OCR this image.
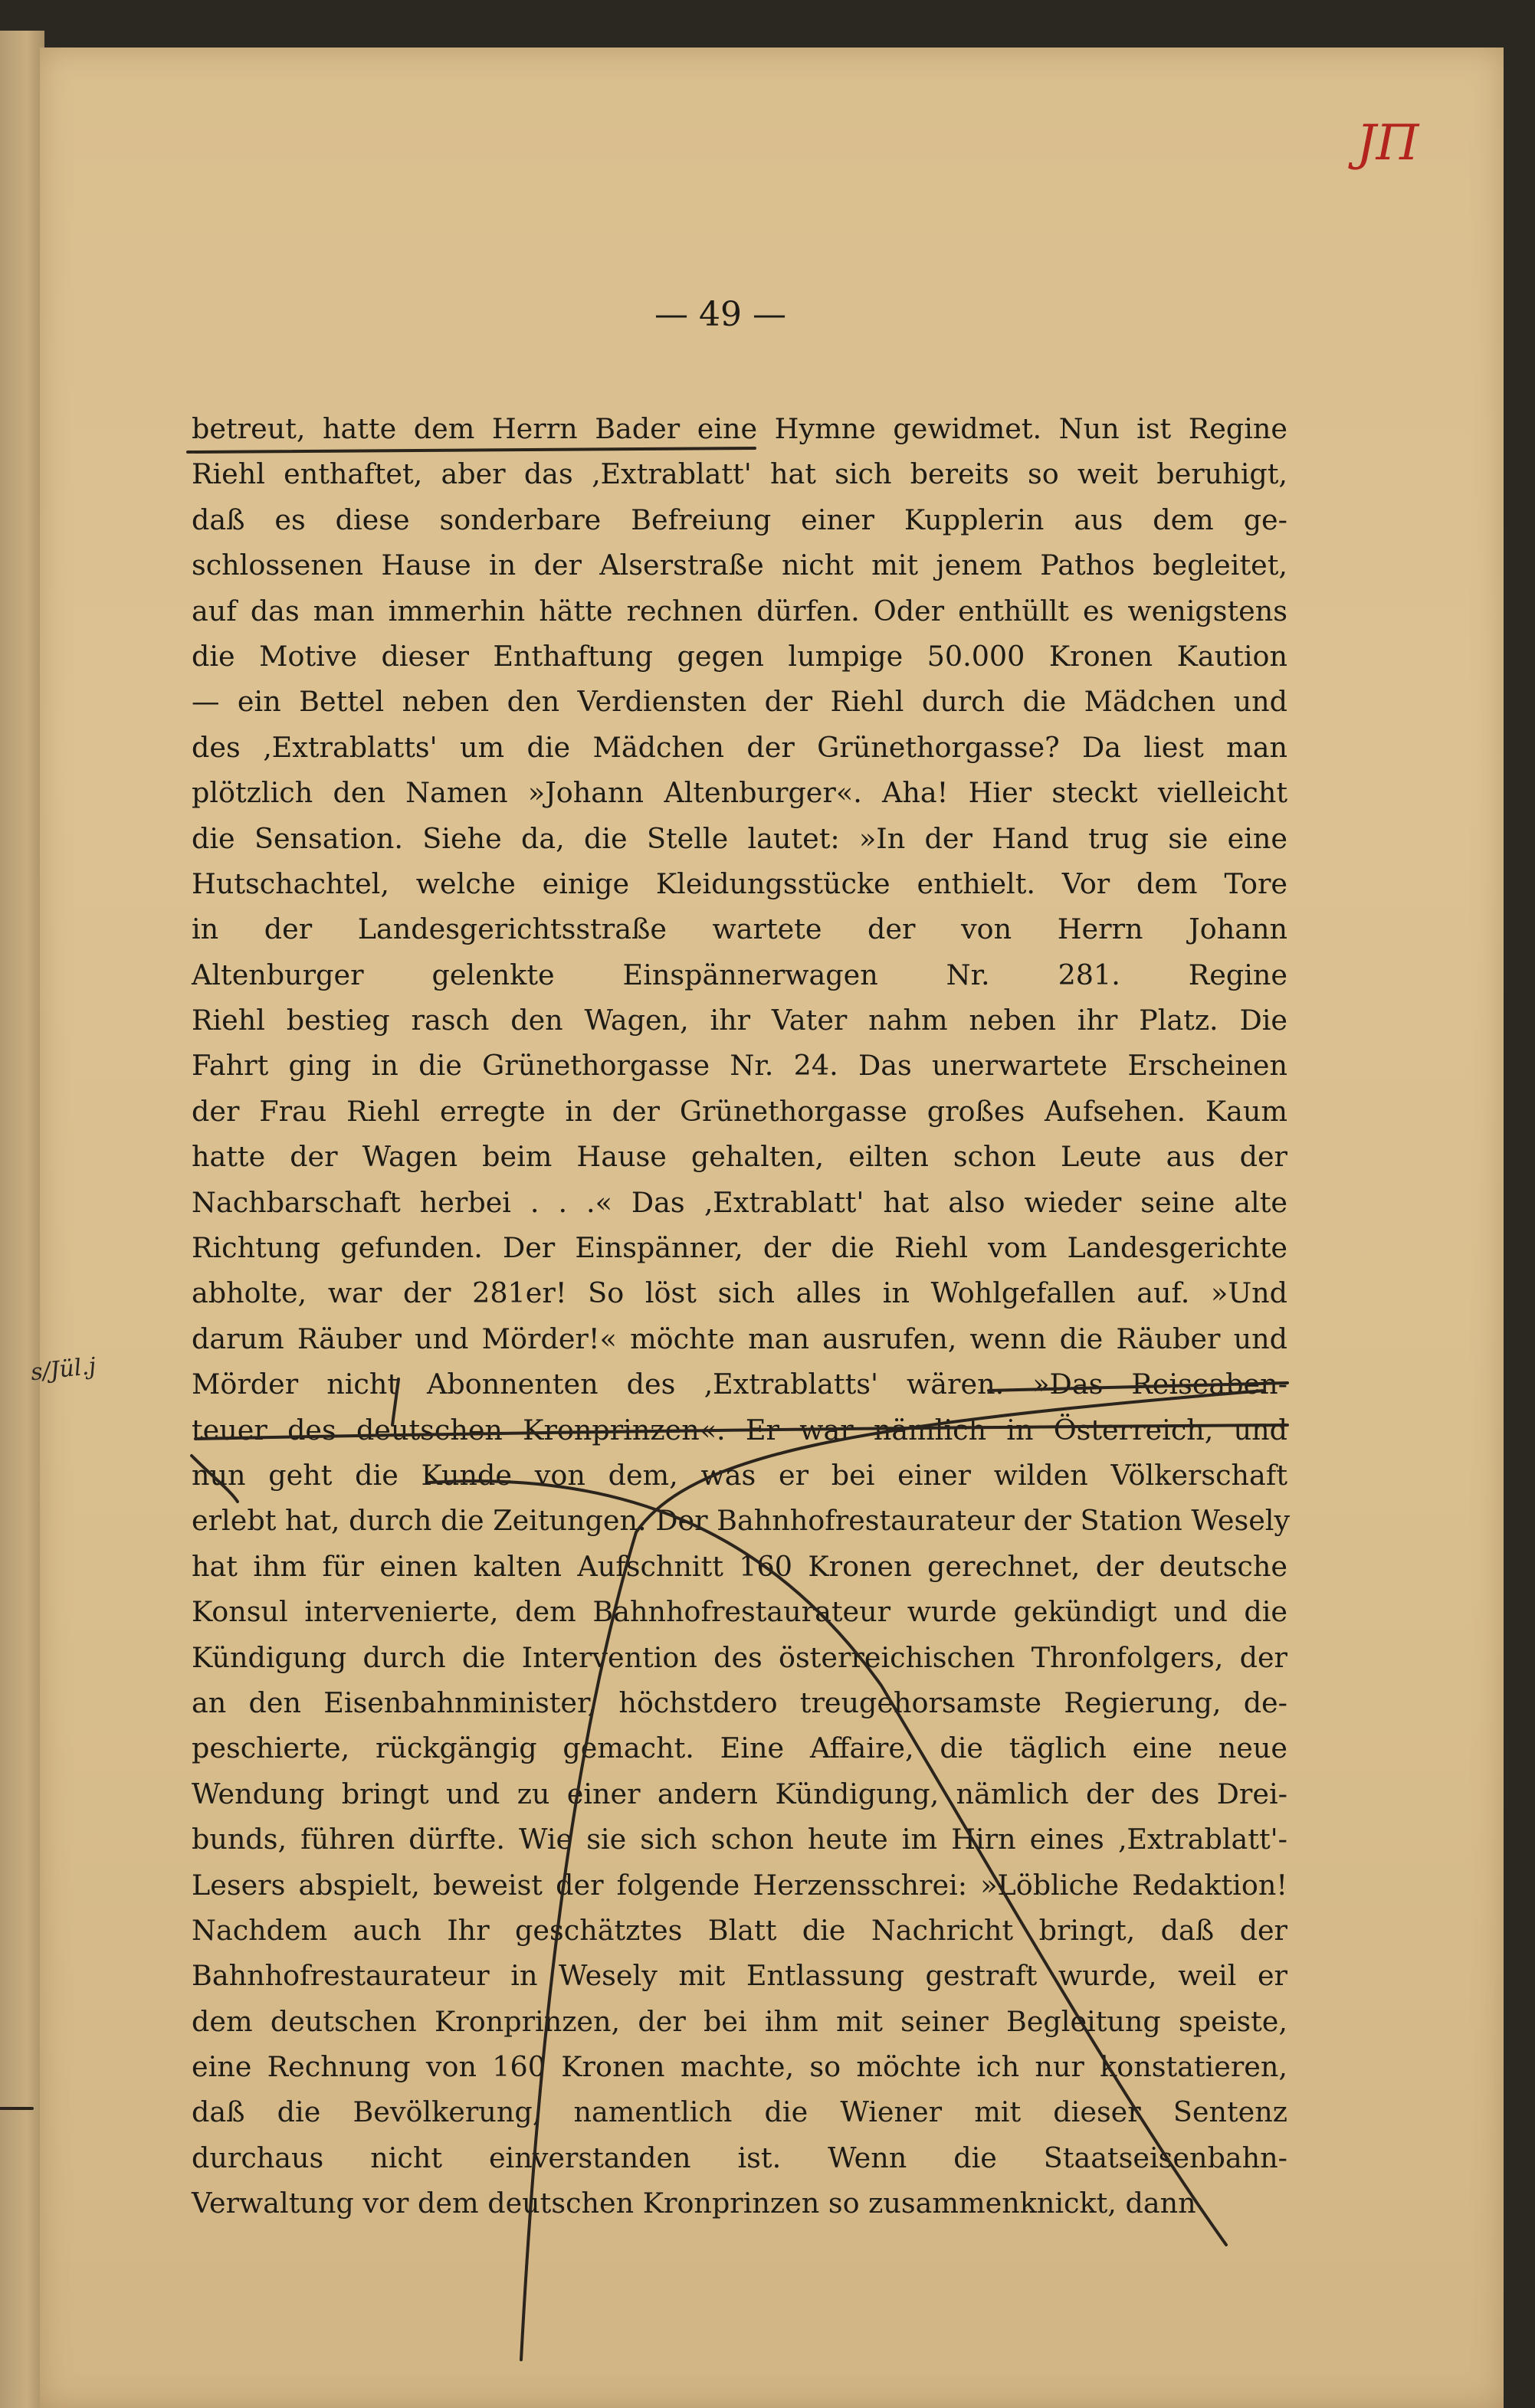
ЈП
— 49 —
s/Jül.j
betreut, hatte dem Herrn Bader eine Hymne gewidmet. Nun ist Regine
Riehl enthaftet, aber das ‚Extrablatt' hat sich bereits so weit beruhigt,
daß es diese sonderbare Befreiung einer Kupplerin aus dem ge-
schlossenen Hause in der Alserstraße nicht mit jenem Pathos begleitet,
auf das man immerhin hätte rechnen dürfen. Oder enthüllt es wenigstens
die Motive dieser Enthaftung gegen lumpige 50.000 Kronen Kaution
— ein Bettel neben den Verdiensten der Riehl durch die Mädchen und
des ‚Extrablatts' um die Mädchen der Grünethorgasse? Da liest man
plötzlich den Namen »Johann Altenburger«. Aha! Hier steckt vielleicht
die Sensation. Siehe da, die Stelle lautet: »In der Hand trug sie eine
Hutschachtel, welche einige Kleidungsstücke enthielt. Vor dem Tore
in der Landesgerichtsstraße wartete der von Herrn Johann
Altenburger gelenkte Einspännerwagen Nr. 281. Regine
Riehl bestieg rasch den Wagen, ihr Vater nahm neben ihr Platz. Die
Fahrt ging in die Grünethorgasse Nr. 24. Das unerwartete Erscheinen
der Frau Riehl erregte in der Grünethorgasse großes Aufsehen. Kaum
hatte der Wagen beim Hause gehalten, eilten schon Leute aus der
Nachbarschaft herbei . . .« Das ‚Extrablatt' hat also wieder seine alte
Richtung gefunden. Der Einspänner, der die Riehl vom Landesgerichte
abholte, war der 281er! So löst sich alles in Wohlgefallen auf. »Und
darum Räuber und Mörder!« möchte man ausrufen, wenn die Räuber und
Mörder nicht Abonnenten des ‚Extrablatts' wären. »Das Reiseaben-
teuer des deutschen Kronprinzen«. Er war nämlich in Österreich, und
nun geht die Kunde von dem, was er bei einer wilden Völkerschaft
erlebt hat, durch die Zeitungen. Der Bahnhofrestaurateur der Station Wesely
hat ihm für einen kalten Aufschnitt 160 Kronen gerechnet, der deutsche
Konsul intervenierte, dem Bahnhofrestaurateur wurde gekündigt und die
Kündigung durch die Intervention des österreichischen Thronfolgers, der
an den Eisenbahnminister, höchstdero treugehorsamste Regierung, de-
peschierte, rückgängig gemacht. Eine Affaire, die täglich eine neue
Wendung bringt und zu einer andern Kündigung, nämlich der des Drei-
bunds, führen dürfte. Wie sie sich schon heute im Hirn eines ‚Extrablatt'-
Lesers abspielt, beweist der folgende Herzensschrei: »Löbliche Redaktion!
Nachdem auch Ihr geschätztes Blatt die Nachricht bringt, daß der
Bahnhofrestaurateur in Wesely mit Entlassung gestraft wurde, weil er
dem deutschen Kronprinzen, der bei ihm mit seiner Begleitung speiste,
eine Rechnung von 160 Kronen machte, so möchte ich nur konstatieren,
daß die Bevölkerung, namentlich die Wiener mit dieser Sentenz
durchaus nicht einverstanden ist. Wenn die Staatseisenbahn-
Verwaltung vor dem deutschen Kronprinzen so zusammenknickt, dann
